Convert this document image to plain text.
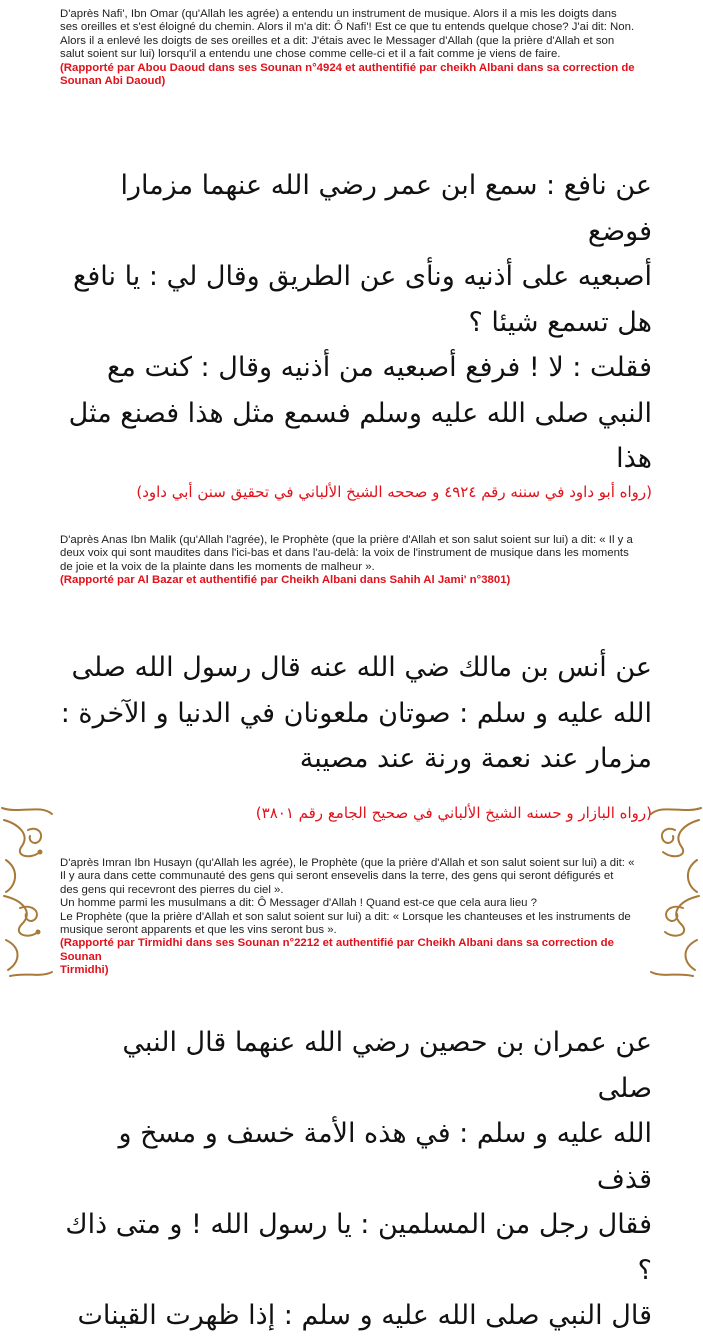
D'après Nafi', Ibn Omar (qu'Allah les agrée) a entendu un instrument de musique. Alors il a mis les doigts dans
ses oreilles et s'est éloigné du chemin. Alors il m'a dit: Ô Nafi'! Est ce que tu entends quelque chose? J'ai dit: Non.
Alors il a enlevé les doigts de ses oreilles et a dit: J'étais avec le Messager d'Allah (que la prière d'Allah et son
salut soient sur lui) lorsqu'il a entendu une chose comme celle-ci et il a fait comme je viens de faire.

(Rapporté par Abou Daoud dans ses Sounan n°4924 et authentifié par cheikh Albani dans sa correction de
Sounan Abi Daoud)

عن نافع : سمع ابن عمر رضي الله عنهما مزمارا فوضع
أصبعيه على أذنيه ونأى عن الطريق وقال لي : يا نافع
هل تسمع شيئا ؟
فقلت : لا ! فرفع أصبعيه من أذنيه وقال : كنت مع
النبي صلى الله عليه وسلم فسمع مثل هذا فصنع مثل
هذا

(رواه أبو داود في سننه رقم ٤٩٢٤ و صححه الشيخ الألباني في تحقيق سنن أبي داود)

D'après Anas Ibn Malik (qu'Allah l'agrée), le Prophète (que la prière d'Allah et son salut soient sur lui) a dit: « Il y a
deux voix qui sont maudites dans l'ici-bas et dans l'au-delà: la voix de l'instrument de musique dans les moments
de joie et la voix de la plainte dans les moments de malheur ».

(Rapporté par Al Bazar et authentifié par Cheikh Albani dans Sahih Al Jami' n°3801)

عن أنس بن مالك ضي الله عنه قال رسول الله صلى
الله عليه و سلم : صوتان ملعونان في الدنيا و الآخرة :
مزمار عند نعمة ورنة عند مصيبة

(رواه البازار و حسنه الشيخ الألباني في صحيح الجامع رقم ٣٨٠١)

D'après Imran Ibn Husayn (qu'Allah les agrée), le Prophète (que la prière d'Allah et son salut soient sur lui) a dit: «
Il y aura dans cette communauté des gens qui seront ensevelis dans la terre, des gens qui seront défigurés et
des gens qui recevront des pierres du ciel ».
Un homme parmi les musulmans a dit: Ô Messager d'Allah ! Quand est-ce que cela aura lieu ?
Le Prophète (que la prière d'Allah et son salut soient sur lui) a dit: « Lorsque les chanteuses et les instruments de
musique seront apparents et que les vins seront bus ».

(Rapporté par Tirmidhi dans ses Sounan n°2212 et authentifié par Cheikh Albani dans sa correction de Sounan
Tirmidhi)

عن عمران بن حصين رضي الله عنهما قال النبي صلى
الله عليه و سلم : في هذه الأمة خسف و مسخ و قذف
فقال رجل من المسلمين : يا رسول الله ! و متى ذاك ؟
قال النبي صلى الله عليه و سلم : إذا ظهرت القينات
